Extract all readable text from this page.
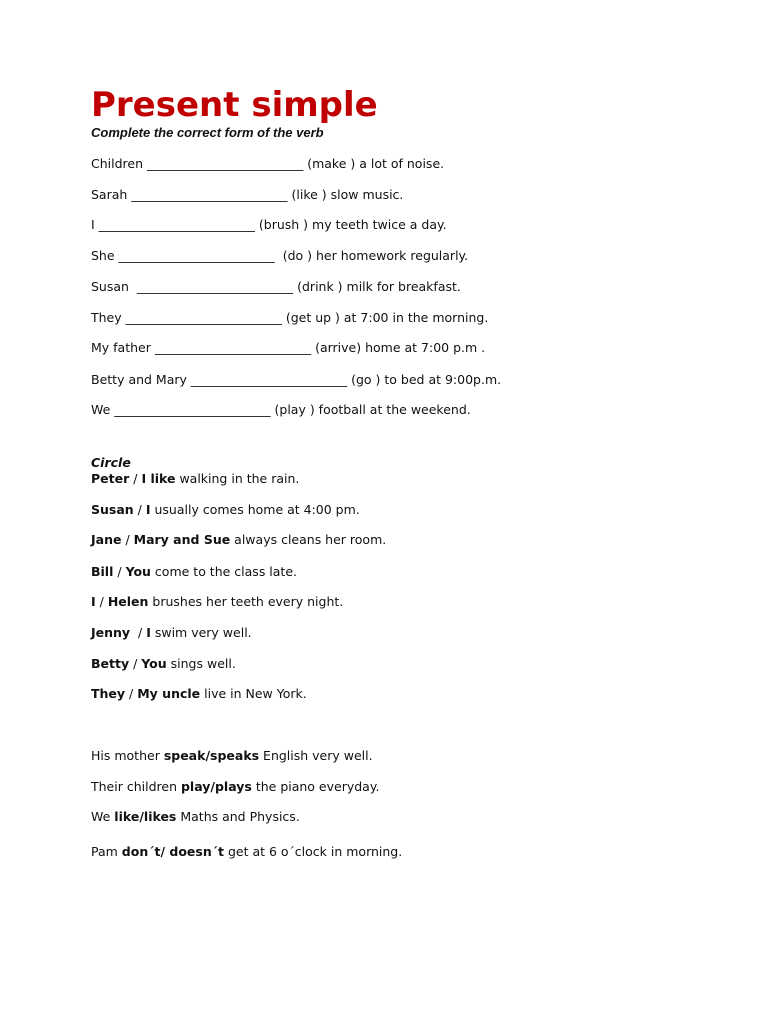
Present simple
Complete the correct form of the verb
Children _________________________ (make ) a lot of noise.
Sarah _________________________ (like ) slow music.
I _________________________ (brush ) my teeth twice a day.
She _________________________  (do ) her homework regularly.
Susan  _________________________ (drink ) milk for breakfast.
They _________________________ (get up ) at 7:00 in the morning.
My father _________________________ (arrive) home at 7:00 p.m .
Betty and Mary _________________________ (go ) to bed at 9:00p.m.
We _________________________ (play ) football at the weekend.
Circle
Peter / I like walking in the rain.
Susan / I usually comes home at 4:00 pm.
Jane / Mary and Sue always cleans her room.
Bill / You come to the class late.
I / Helen brushes her teeth every night.
Jenny  / I swim very well.
Betty / You sings well.
They / My uncle live in New York.
His mother speak/speaks English very well.
Their children play/plays the piano everyday.
We like/likes Maths and Physics.
Pam don´t/ doesn´t get at 6 o´clock in morning.
